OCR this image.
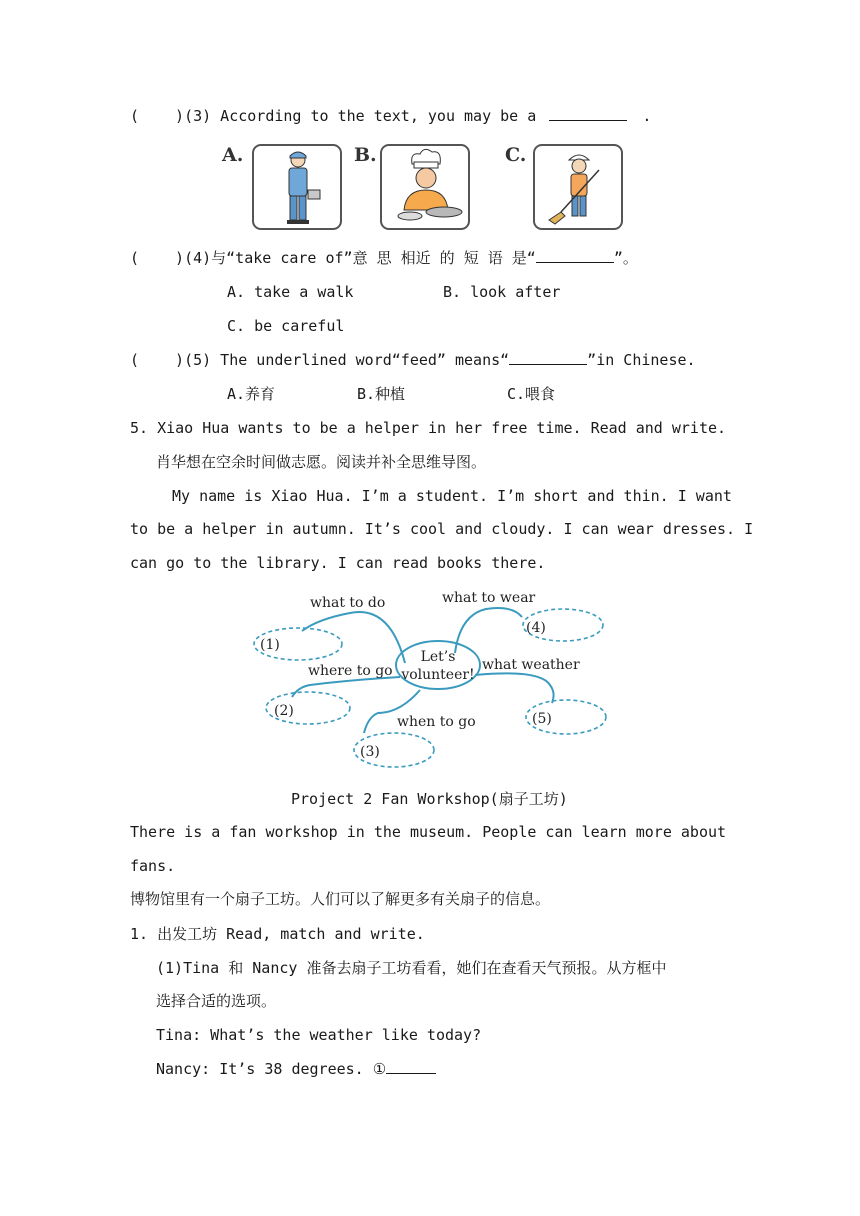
( )(3) According to the text, you may be a	.
A.	B.	C.
( )(4)与“take care of”意 思 相近 的 短 语 是“	”。
A. take a walk	B. look after
C. be careful
( )(5) The underlined word“feed” means“	”in Chinese.
A.养育	B.种植	C.喂食
5. Xiao Hua wants to be a helper in her free time. Read and write.
肖华想在空余时间做志愿。阅读并补全思维导图。
My name is Xiao Hua. I’m a student. I’m short and thin. I want
to be a helper in autumn. It’s cool and cloudy. I can wear dresses. I
can go to the library. I can read books there.
Let’s
volunteer!
what to do	what to wear
where to go	what weather
when to go
(1)
(2)
(3)
(4)
(5)
Project 2 Fan Workshop(扇子工坊)
There is a fan workshop in the museum. People can learn more about
fans.
博物馆里有一个扇子工坊。人们可以了解更多有关扇子的信息。
1. 出发工坊 Read, match and write.
(1)Tina 和 Nancy 准备去扇子工坊看看，她们在查看天气预报。从方框中
选择合适的选项。
Tina: What’s the weather like today?
Nancy: It’s 38 degrees. ①
